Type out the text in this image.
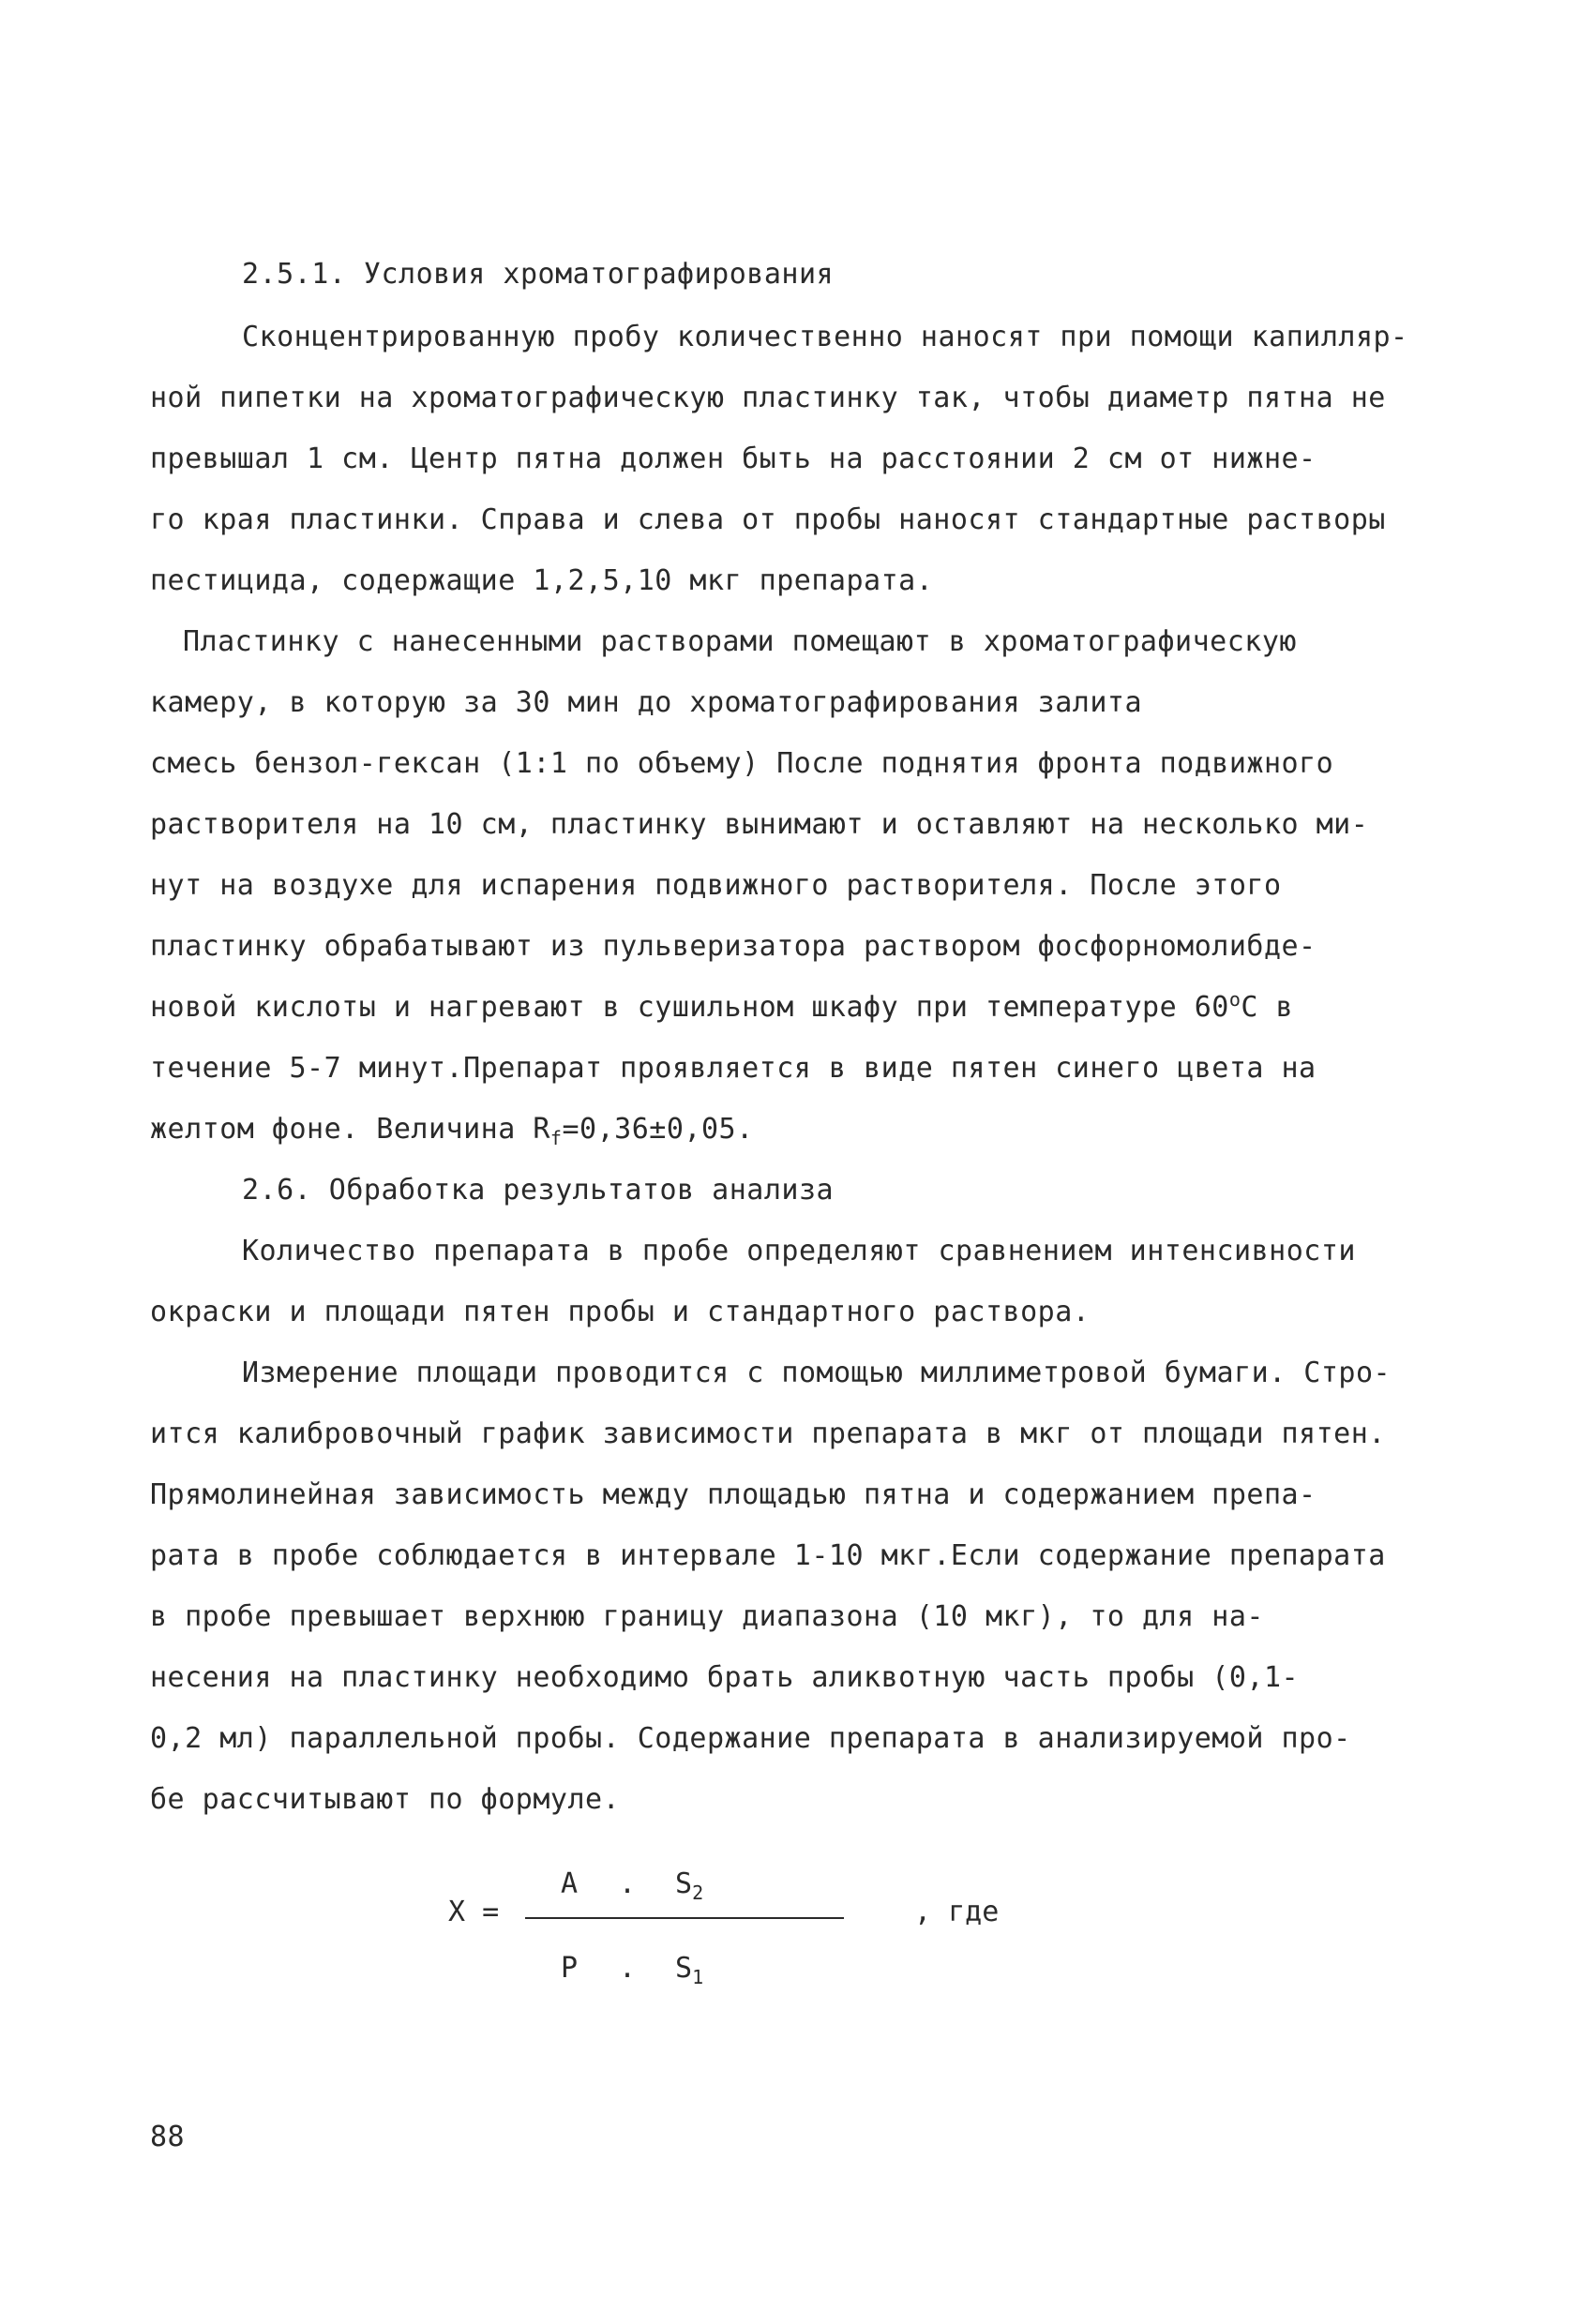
2.5.1. Условия хроматографирования
Сконцентрированную пробу количественно наносят при помощи капилляр-
ной пипетки на хроматографическую пластинку так, чтобы диаметр пятна не
превышал 1 см. Центр пятна должен быть на расстоянии 2 см от нижне-
го края пластинки. Справа и слева от пробы наносят стандартные растворы
пестицида, содержащие 1,2,5,10 мкг препарата.
Пластинку с нанесенными растворами помещают в хроматографическую
камеру, в которую за 30 мин до хроматографирования залита
смесь бензол-гексан (1:1 по объему) После поднятия фронта подвижного
растворителя на 10 см, пластинку вынимают и оставляют на несколько ми-
нут на воздухе для испарения подвижного растворителя. После этого
пластинку обрабатывают из пульверизатора раствором фосфорномолибде-
новой кислоты и нагревают в сушильном шкафу при температуре 60$^o$C в
течение 5-7 минут.Препарат проявляется в виде пятен синего цвета на
желтом фоне. Величина $R_f=0,36\pm 0,05$.
2.6. Обработка результатов анализа
Количество препарата в пробе определяют сравнением интенсивности
окраски и площади пятен пробы и стандартного раствора.
Измерение площади проводится с помощью миллиметровой бумаги. Стро-
ится калибровочный график зависимости препарата в мкг от площади пятен.
Прямолинейная зависимость между площадью пятна и содержанием препа-
рата в пробе соблюдается в интервале 1-10 мкг.Если содержание препарата
в пробе превышает верхнюю границу диапазона (10 мкг), то для на-
несения на пластинку необходимо брать аликвотную часть пробы (0,1-
0,2 мл) параллельной пробы. Содержание препарата в анализируемой про-
бе рассчитывают по формуле.
X =
A . $S_2$
P . $S_1$
, где
88
